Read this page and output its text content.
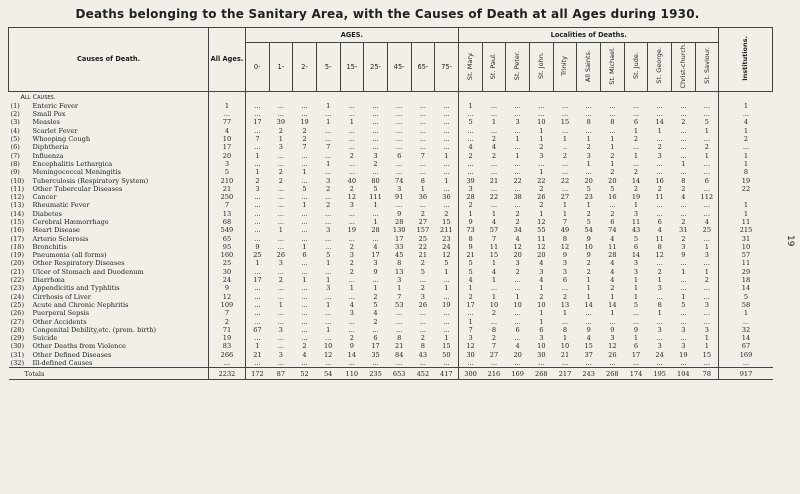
Deaths belonging to the Sanitary Area, with the Causes of Death at all Ages during 1930.
19
Causes of Death.	All Ages.	AGES.									Localities of Deaths.											Institutions.
		0-	1-	2-	5-	15-	25-	45-	65-	75-	St. Mary.	St. Paul.	St. Peter.	St. John.	Trinity	All Saints.	St. Michael.	St. Jude.	St. George.	Christ-church.	St. Saviour.	
All Causes.																						
(1) Enteric Fever	1	...	...	...	1	...	...	...	...	...	1	...	...	...	...	...	...	...	...	...	...	1
(2) Small Pox	...	...	...	...	...	...	...	...	...	...	...	...	...	...	...	...	...	...	...	...	...	...
(3) Measles	77	17	39	19	1	1	...	...	...	...	5	1	3	10	15	8	8	6	14	2	5	4
(4) Scarlet Fever	4	...	2	2	...	...	...	...	...	...	...	...	...	1	...	...	...	1	1	...	1	1
(5) Whooping Cough	10	7	1	2	...	...	...	...	...	...	...	2	1	1	1	1	1	2	...	...	...	2
(6) Diphtheria	17	...	3	7	7	...	...	...	...	...	4	4	...	2	..	2	1	...	2	...	2	...
(7) Influenza	20	1	...	...	...	2	3	6	7	1	2	2	1	3	2	3	2	1	3	...	1	1
(8) Encephalitis Lethargica	3	...	...	...	1	...	2	...	...	...	...	...	...	...	...	1	1	...	...	1	...	1
(9) Meningococcal Meningitis	5	1	2	1	...	...	...	...	...	...	...	...	...	1	...	...	2	2	...	...	...	8
(10) Tuberculosis (Respiratory System)	210	2	2	...	3	40	80	74	8	1	39	21	22	22	22	20	20	14	16	8	6	19
(11) Other Tubercular Diseases	21	3	...	5	2	2	5	3	1	...	3	...	...	2	...	5	5	2	2	2	...	22
(12) Cancer	250	...	...	...	...	12	111	91	36	36	28	22	38	26	27	23	16	19	11	4	112	
(13) Rheumatic Fever	7	...	...	1	2	3	1	...	...	...	2	...	...	2	1	1	...	1	...	...	...	1
(14) Diabetes	13	...	...	...	...	...	...	9	2	2	1	1	2	1	1	2	2	3	...	...	...	1
(15) Cerebral Hæmorrhage	68	...	...	...	...	...	1	28	27	15	9	4	2	12	7	5	6	11	6	2	4	11
(16) Heart Disease	549	...	1	...	3	19	28	130	157	211	73	57	34	55	49	54	74	43	4	31	25	215
(17) Arterio Sclerosis	65	...	...	...	...	...	...	17	25	23	8	7	4	11	8	9	4	5	11	2	...	31
(18) Bronchitis	95	9	...	1	...	2	4	33	22	24	9	11	12	12	12	10	11	6	8	3	1	10
(19) Pneumonia (all forms)	160	25	26	6	5	3	17	45	21	12	21	15	20	20	9	9	28	14	12	9	3	57
(20) Other Respiratory Diseases	25	1	3	...	1	2	3	8	2	5	5	1	3	4	3	2	4	3	...	...	...	11
(21) Ulcer of Stomach and Duodenum	30	...	...	...	...	2	9	13	5	1	5	4	2	3	3	2	4	3	2	1	1	29
(22) Diarrhœa	24	17	2	1	1	...	...	3	...	...	4	1	...	4	6	1	4	1	1	...	2	18
(23) Appendicitis and Typhlitis	9	...	...	...	3	1	1	1	2	1	1	...	...	1	...	1	2	1	3	...	...	14
(24) Cirrhosis of Liver	12	...	...	...	...	...	2	7	3	...	2	1	1	2	2	1	1	1	...	1	...	5
(25) Acute and Chronic Nephritis	109	...	1	...	1	4	5	53	26	19	17	10	10	10	13	14	14	5	8	5	3	58
(26) Puerperal Sepsis	7	...	...	...	...	3	4	...	...	...	...	2	...	1	1	...	1	...	1	...	...	1
(27) Other Accidents	2	...	...	...	...	...	2	...	...	...	1	...	...	1	...	...	...	...	...	...	...	...
(28) Congenital Debility,etc. (prem. birth)	71	67	3	...	1	...	...	...	...	...	7	8	6	6	8	9	9	9	3	3	3	32
(29) Suicide	19	...	...	...	...	2	6	8	2	1	3	2	...	3	1	4	3	1	...	...	1	14
(30) Other Deaths from Violence	83	1	...	2	10	9	17	21	8	15	12	7	4	10	10	15	12	6	3	3	1	67
(31) Other Defined Diseases	266	21	3	4	12	14	35	84	43	50	30	27	20	30	21	37	26	17	24	19	15	169
(32) Ill-defined Causes	...	...	...	...	...	...	...	...	...	...	...	...	...	...	...	...	...	...	...	...	...	...
Totals	2232	172	87	52	54	110	235	653	452	417	300	216	169	268	217	243	268	174	195	104	78	917
